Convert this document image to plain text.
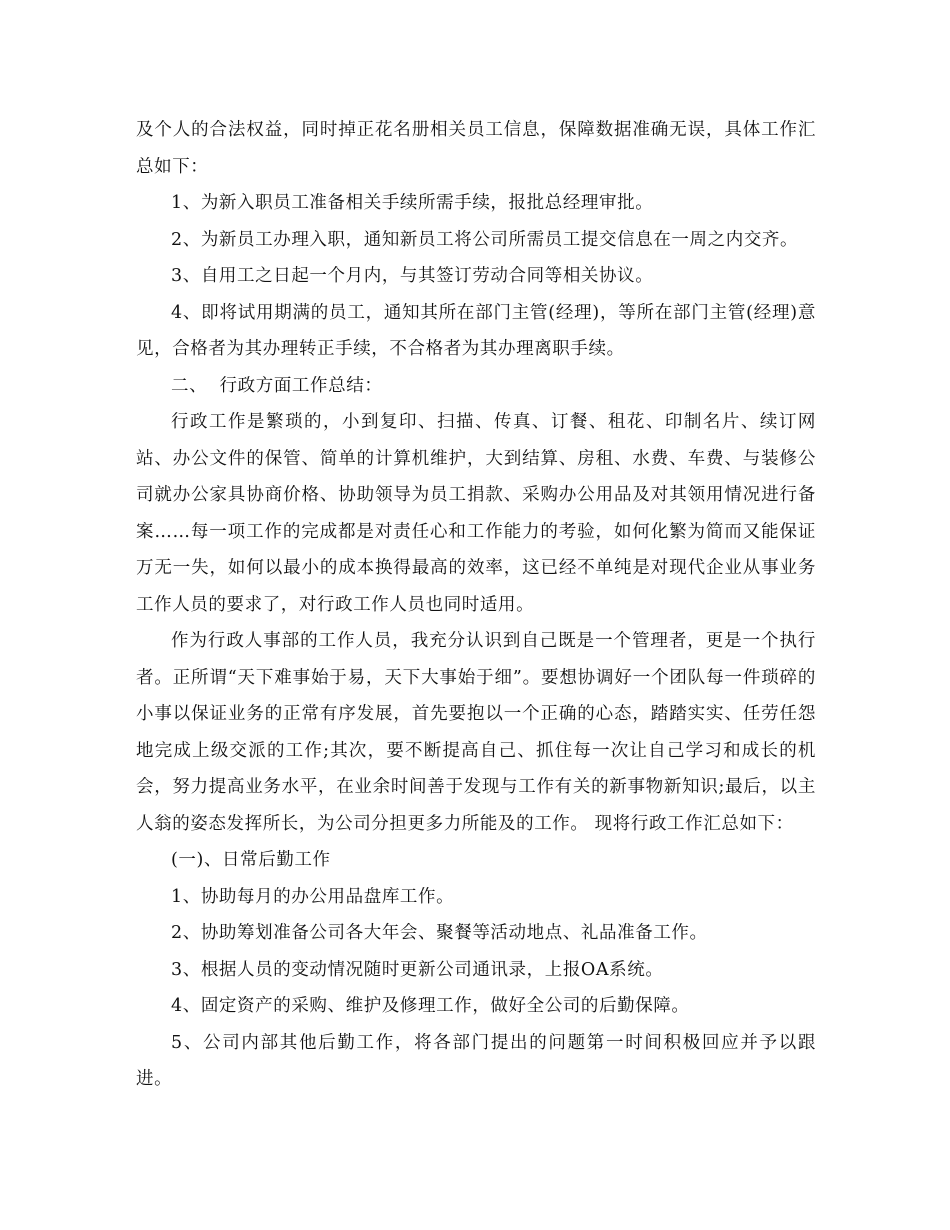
及个人的合法权益，同时掉正花名册相关员工信息，保障数据准确无误，具体工作汇总如下：

1、为新入职员工准备相关手续所需手续，报批总经理审批。

2、为新员工办理入职，通知新员工将公司所需员工提交信息在一周之内交齐。

3、自用工之日起一个月内，与其签订劳动合同等相关协议。

4、即将试用期满的员工，通知其所在部门主管(经理)，等所在部门主管(经理)意见，合格者为其办理转正手续，不合格者为其办理离职手续。

二、  行政方面工作总结：

行政工作是繁琐的，小到复印、扫描、传真、订餐、租花、印制名片、续订网站、办公文件的保管、简单的计算机维护，大到结算、房租、水费、车费、与装修公司就办公家具协商价格、协助领导为员工捐款、采购办公用品及对其领用情况进行备案……每一项工作的完成都是对责任心和工作能力的考验，如何化繁为简而又能保证万无一失，如何以最小的成本换得最高的效率，这已经不单纯是对现代企业从事业务工作人员的要求了，对行政工作人员也同时适用。

作为行政人事部的工作人员，我充分认识到自己既是一个管理者，更是一个执行者。正所谓“天下难事始于易，天下大事始于细”。要想协调好一个团队每一件琐碎的小事以保证业务的正常有序发展，首先要抱以一个正确的心态，踏踏实实、任劳任怨地完成上级交派的工作;其次，要不断提高自己、抓住每一次让自己学习和成长的机会，努力提高业务水平，在业余时间善于发现与工作有关的新事物新知识;最后，以主人翁的姿态发挥所长，为公司分担更多力所能及的工作。 现将行政工作汇总如下：

(一)、日常后勤工作

1、协助每月的办公用品盘库工作。

2、协助筹划准备公司各大年会、聚餐等活动地点、礼品准备工作。

3、根据人员的变动情况随时更新公司通讯录，上报OA系统。

4、固定资产的采购、维护及修理工作，做好全公司的后勤保障。

5、公司内部其他后勤工作，将各部门提出的问题第一时间积极回应并予以跟进。
